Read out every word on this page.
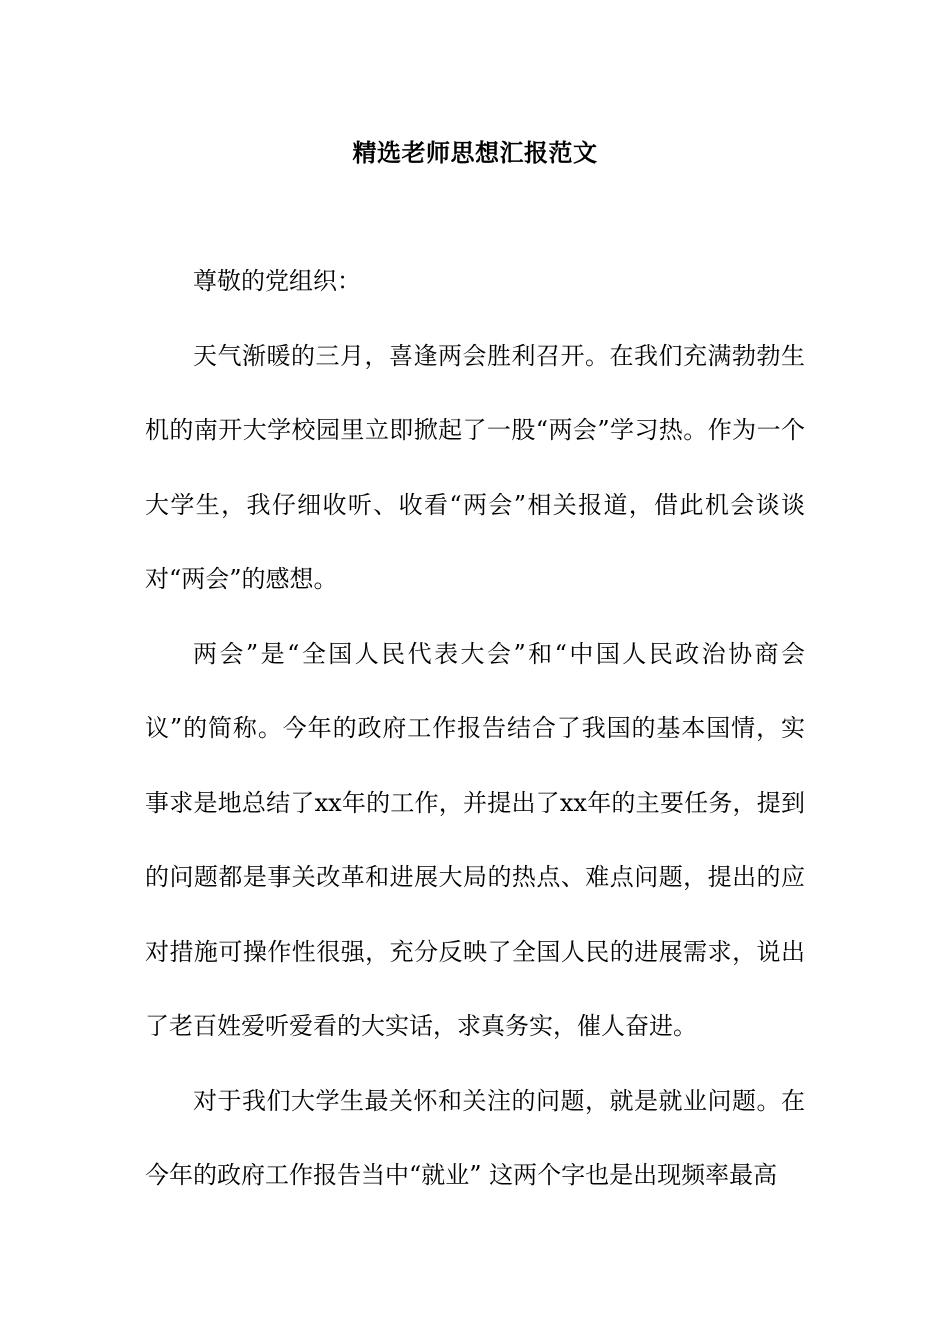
精选老师思想汇报范文

尊敬的党组织：

天气渐暖的三月，喜逢两会胜利召开。在我们充满勃勃生机的南开大学校园里立即掀起了一股“两会”学习热。作为一个大学生，我仔细收听、收看“两会”相关报道，借此机会谈谈对“两会”的感想。

两会”是“全国人民代表大会”和“中国人民政治协商会议”的简称。今年的政府工作报告结合了我国的基本国情，实事求是地总结了xx年的工作，并提出了xx年的主要任务，提到的问题都是事关改革和进展大局的热点、难点问题，提出的应对措施可操作性很强，充分反映了全国人民的进展需求，说出了老百姓爱听爱看的大实话，求真务实，催人奋进。

对于我们大学生最关怀和关注的问题，就是就业问题。在今年的政府工作报告当中“就业” 这两个字也是出现频率最高
